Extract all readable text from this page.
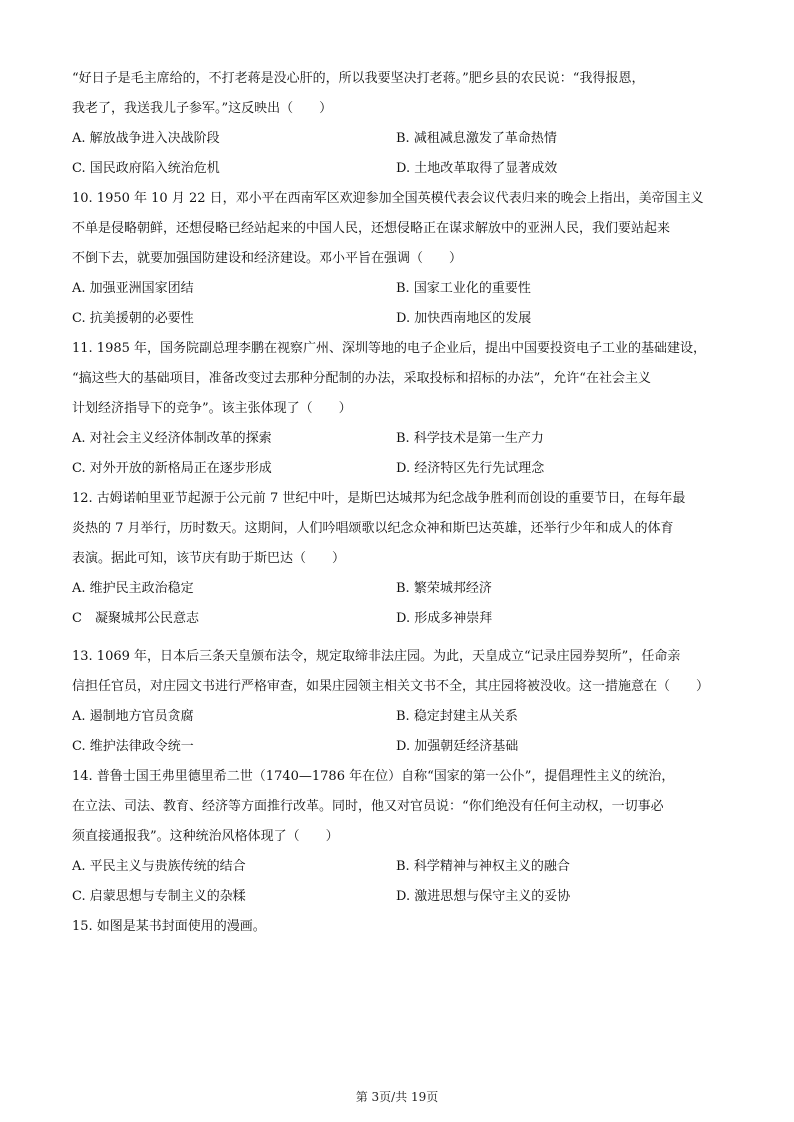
“好日子是毛主席给的，不打老蒋是没心肝的，所以我要坚决打老蒋。”肥乡县的农民说：“我得报恩，
我老了，我送我儿子参军。”这反映出（　　）
A. 解放战争进入决战阶段	B. 减租减息激发了革命热情
C. 国民政府陷入统治危机	D. 土地改革取得了显著成效
10. 1950 年 10 月 22 日，邓小平在西南军区欢迎参加全国英模代表会议代表归来的晚会上指出，美帝国主义
不单是侵略朝鲜，还想侵略已经站起来的中国人民，还想侵略正在谋求解放中的亚洲人民，我们要站起来
不倒下去，就要加强国防建设和经济建设。邓小平旨在强调（　　）
A. 加强亚洲国家团结	B. 国家工业化的重要性
C. 抗美援朝的必要性	D. 加快西南地区的发展
11. 1985 年，国务院副总理李鹏在视察广州、深圳等地的电子企业后，提出中国要投资电子工业的基础建设，
“搞这些大的基础项目，准备改变过去那种分配制的办法，采取投标和招标的办法”，允许“在社会主义
计划经济指导下的竞争”。该主张体现了（　　）
A. 对社会主义经济体制改革的探索	B. 科学技术是第一生产力
C. 对外开放的新格局正在逐步形成	D. 经济特区先行先试理念
12. 古姆诺帕里亚节起源于公元前 7 世纪中叶，是斯巴达城邦为纪念战争胜利而创设的重要节日，在每年最
炎热的 7 月举行，历时数天。这期间，人们吟唱颂歌以纪念众神和斯巴达英雄，还举行少年和成人的体育
表演。据此可知，该节庆有助于斯巴达（　　）
A. 维护民主政治稳定	B. 繁荣城邦经济
C　凝聚城邦公民意志	D. 形成多神崇拜
13. 1069 年，日本后三条天皇颁布法令，规定取缔非法庄园。为此，天皇成立“记录庄园券契所”，任命亲
信担任官员，对庄园文书进行严格审查，如果庄园领主相关文书不全，其庄园将被没收。这一措施意在（　　）
A. 遏制地方官员贪腐	B. 稳定封建主从关系
C. 维护法律政令统一	D. 加强朝廷经济基础
14. 普鲁士国王弗里德里希二世（1740—1786 年在位）自称“国家的第一公仆”，提倡理性主义的统治，
在立法、司法、教育、经济等方面推行改革。同时，他又对官员说：“你们绝没有任何主动权，一切事必
须直接通报我”。这种统治风格体现了（　　）
A. 平民主义与贵族传统的结合	B. 科学精神与神权主义的融合
C. 启蒙思想与专制主义的杂糅	D. 激进思想与保守主义的妥协
15. 如图是某书封面使用的漫画。
第 3页/共 19页
